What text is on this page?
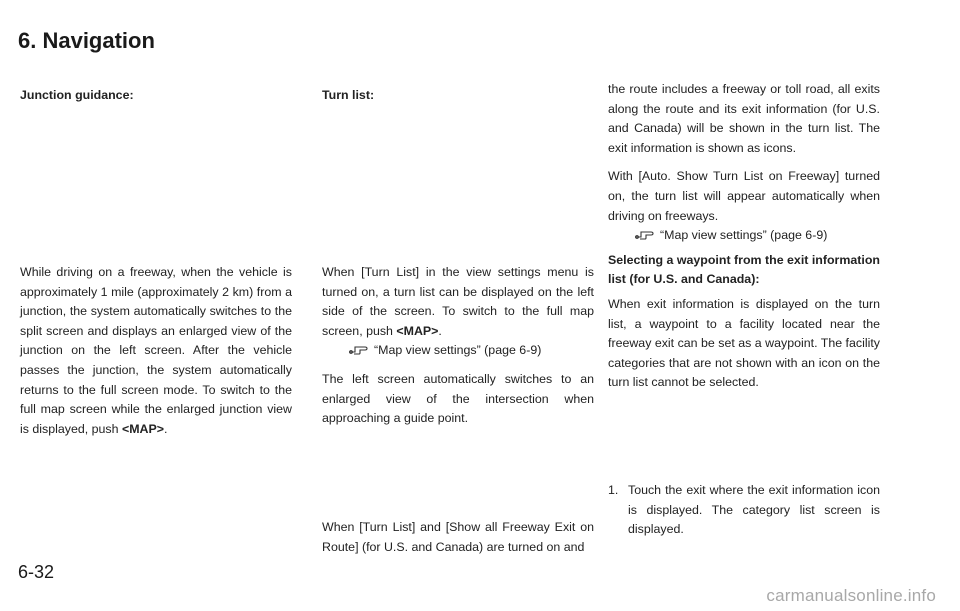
6. Navigation

Junction guidance:

While driving on a freeway, when the vehicle is approximately 1 mile (approximately 2 km) from a junction, the system automatically switches to the split screen and displays an enlarged view of the junction on the left screen. After the vehicle passes the junction, the system automatically returns to the full screen mode. To switch to the full map screen while the enlarged junction view is displayed, push <MAP>.

Turn list:

When [Turn List] in the view settings menu is turned on, a turn list can be displayed on the left side of the screen. To switch to the full map screen, push <MAP>.

“Map view settings” (page 6-9)

The left screen automatically switches to an enlarged view of the intersection when approaching a guide point.

When [Turn List] and [Show all Freeway Exit on Route] (for U.S. and Canada) are turned on and

the route includes a freeway or toll road, all exits along the route and its exit information (for U.S. and Canada) will be shown in the turn list. The exit information is shown as icons.

With [Auto. Show Turn List on Freeway] turned on, the turn list will appear automatically when driving on freeways.

“Map view settings” (page 6-9)

Selecting a waypoint from the exit information list (for U.S. and Canada):

When exit information is displayed on the turn list, a waypoint to a facility located near the freeway exit can be set as a waypoint. The facility categories that are not shown with an icon on the turn list cannot be selected.

1. Touch the exit where the exit information icon is displayed. The category list screen is displayed.
6-32
carmanualsonline.info
